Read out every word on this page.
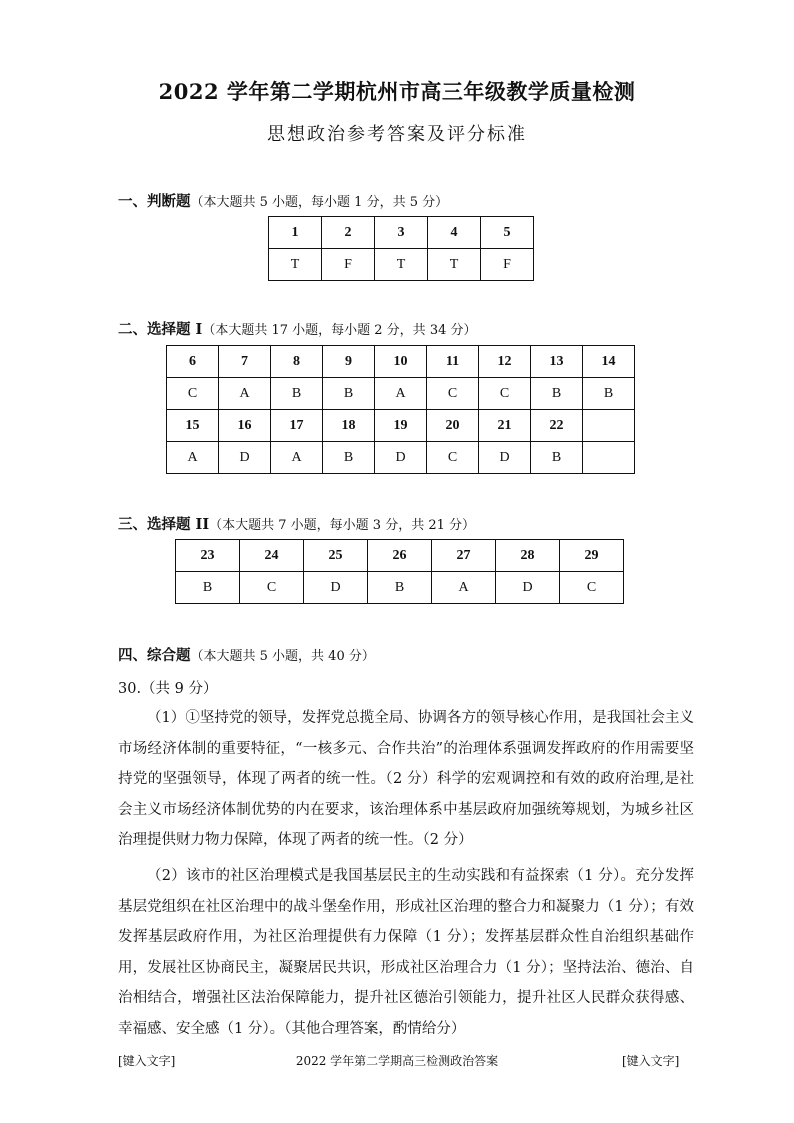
2022 学年第二学期杭州市高三年级教学质量检测
思想政治参考答案及评分标准
一、判断题（本大题共 5 小题，每小题 1 分，共 5 分）
1	2	3	4	5
T	F	T	T	F
二、选择题 I（本大题共 17 小题，每小题 2 分，共 34 分）
6	7	8	9	10	11	12	13	14
C	A	B	B	A	C	C	B	B
15	16	17	18	19	20	21	22	
A	D	A	B	D	C	D	B	
三、选择题 II（本大题共 7 小题，每小题 3 分，共 21 分）
23	24	25	26	27	28	29
B	C	D	B	A	D	C
四、综合题（本大题共 5 小题，共 40 分）
30.（共 9 分）
（1）①坚持党的领导，发挥党总揽全局、协调各方的领导核心作用，是我国社会主义市场经济体制的重要特征，“一核多元、合作共治”的治理体系强调发挥政府的作用需要坚持党的坚强领导，体现了两者的统一性。（2 分）科学的宏观调控和有效的政府治理,是社会主义市场经济体制优势的内在要求，该治理体系中基层政府加强统筹规划，为城乡社区治理提供财力物力保障，体现了两者的统一性。（2 分）
（2）该市的社区治理模式是我国基层民主的生动实践和有益探索（1 分）。充分发挥基层党组织在社区治理中的战斗堡垒作用，形成社区治理的整合力和凝聚力（1 分）；有效发挥基层政府作用，为社区治理提供有力保障（1 分）；发挥基层群众性自治组织基础作用，发展社区协商民主，凝聚居民共识，形成社区治理合力（1 分）；坚持法治、德治、自治相结合，增强社区法治保障能力，提升社区德治引领能力，提升社区人民群众获得感、幸福感、安全感（1 分）。（其他合理答案，酌情给分）
[键入文字]	2022 学年第二学期高三检测政治答案	[键入文字]
